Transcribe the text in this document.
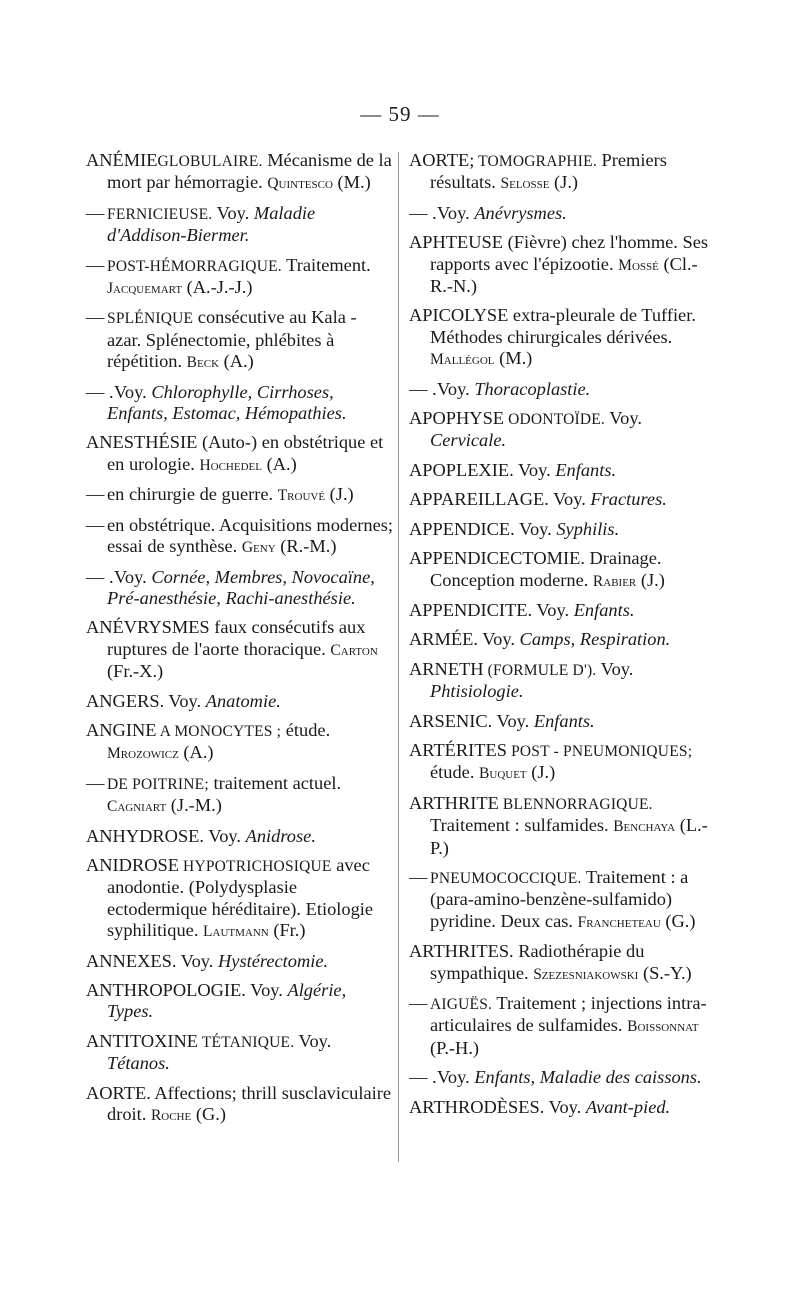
— 59 —

ANÉMIEGLOBULAIRE. Mécanisme de la mort par hémorragie. Quintesco (M.)

— FERNICIEUSE. Voy. Maladie d'Addison-Biermer.

— POST-HÉMORRAGIQUE. Traitement. Jacquemart (A.-J.-J.)

— SPLÉNIQUE consécutive au Kala - azar. Splénectomie, phlébites à répétition. Beck (A.)

— .Voy. Chlorophylle, Cirrhoses, Enfants, Estomac, Hémopathies.

ANESTHÉSIE (Auto-) en obstétrique et en urologie. Hochedel (A.)

— en chirurgie de guerre. Trouvé (J.)

— en obstétrique. Acquisitions modernes; essai de synthèse. Geny (R.-M.)

— .Voy. Cornée, Membres, Novocaïne, Pré-anesthésie, Rachi-anesthésie.

ANÉVRYSMES faux consécutifs aux ruptures de l'aorte thoracique. Carton (Fr.-X.)

ANGERS. Voy. Anatomie.

ANGINE A MONOCYTES ; étude. Mrozowicz (A.)

— DE POITRINE; traitement actuel. Cagniart (J.-M.)

ANHYDROSE. Voy. Anidrose.

ANIDROSE HYPOTRICHOSIQUE avec anodontie. (Polydysplasie ectodermique héréditaire). Etiologie syphilitique. Lautmann (Fr.)

ANNEXES. Voy. Hystérectomie.

ANTHROPOLOGIE. Voy. Algérie, Types.

ANTITOXINE TÉTANIQUE. Voy. Tétanos.

AORTE. Affections; thrill susclaviculaire droit. Roche (G.)

AORTE; TOMOGRAPHIE. Premiers résultats. Selosse (J.)

— .Voy. Anévrysmes.

APHTEUSE (Fièvre) chez l'homme. Ses rapports avec l'épizootie. Mossé (Cl.-R.-N.)

APICOLYSE extra-pleurale de Tuffier. Méthodes chirurgicales dérivées. Mallégol (M.)

— .Voy. Thoracoplastie.

APOPHYSE ODONTOÏDE. Voy. Cervicale.

APOPLEXIE. Voy. Enfants.

APPAREILLAGE. Voy. Fractures.

APPENDICE. Voy. Syphilis.

APPENDICECTOMIE. Drainage. Conception moderne. Rabier (J.)

APPENDICITE. Voy. Enfants.

ARMÉE. Voy. Camps, Respiration.

ARNETH (FORMULE D'). Voy. Phtisiologie.

ARSENIC. Voy. Enfants.

ARTÉRITES POST - PNEUMONIQUES; étude. Buquet (J.)

ARTHRITE BLENNORRAGIQUE. Traitement : sulfamides. Benchaya (L.-P.)

— PNEUMOCOCCIQUE. Traitement : a (para-amino-benzène-sulfamido) pyridine. Deux cas. Francheteau (G.)

ARTHRITES. Radiothérapie du sympathique. Szezesniakowski (S.-Y.)

— AIGUËS. Traitement ; injections intra-articulaires de sulfamides. Boissonnat (P.-H.)

— .Voy. Enfants, Maladie des caissons.

ARTHRODÈSES. Voy. Avant-pied.
